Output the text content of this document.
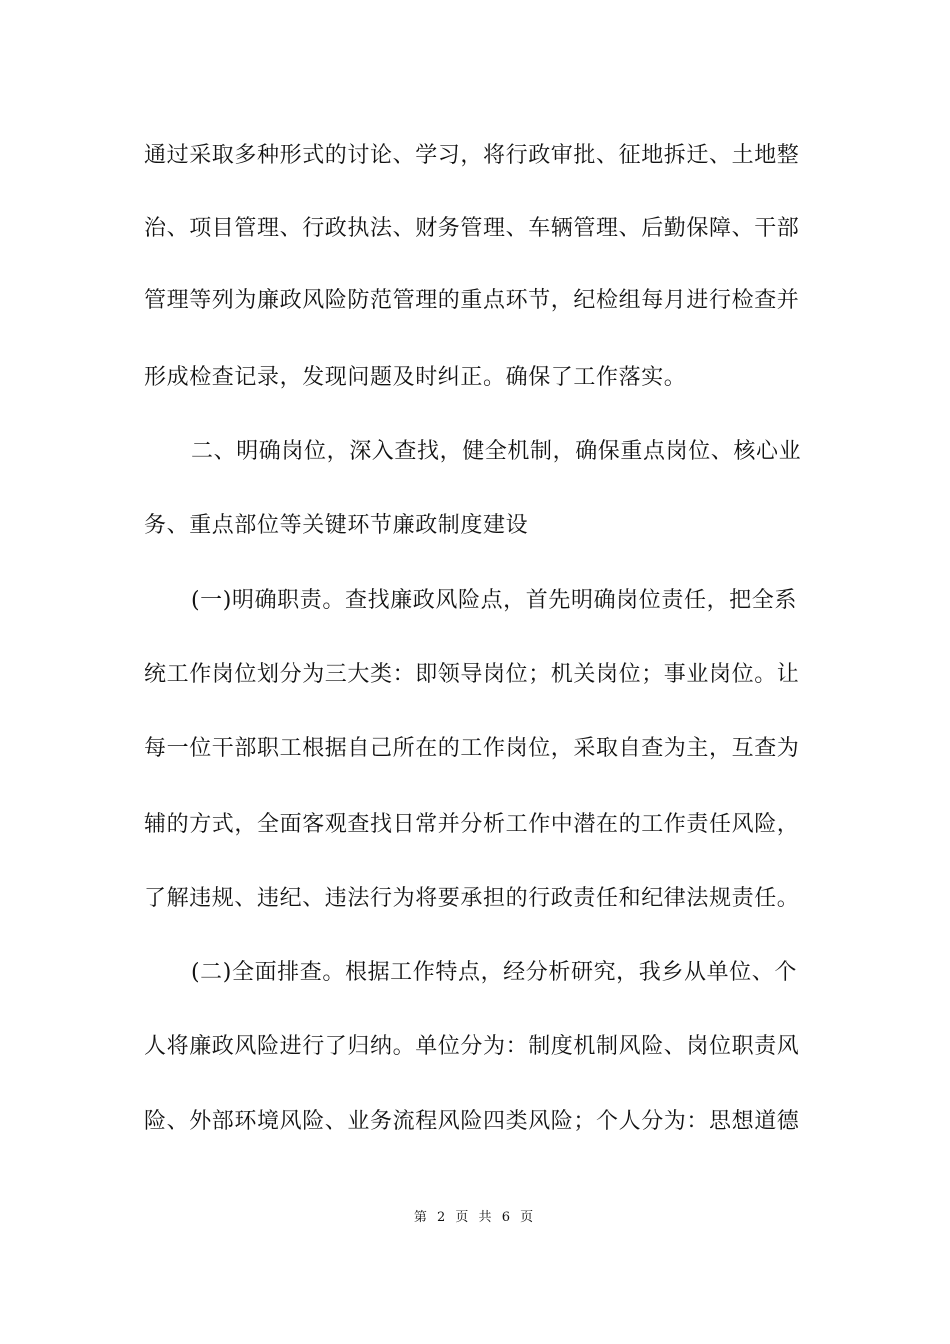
通过采取多种形式的讨论、学习，将行政审批、征地拆迁、土地整
治、项目管理、行政执法、财务管理、车辆管理、后勤保障、干部
管理等列为廉政风险防范管理的重点环节，纪检组每月进行检查并
形成检查记录，发现问题及时纠正。确保了工作落实。
二、明确岗位，深入查找，健全机制，确保重点岗位、核心业
务、重点部位等关键环节廉政制度建设
(一)明确职责。查找廉政风险点，首先明确岗位责任，把全系
统工作岗位划分为三大类：即领导岗位；机关岗位；事业岗位。让
每一位干部职工根据自己所在的工作岗位，采取自查为主，互查为
辅的方式，全面客观查找日常并分析工作中潜在的工作责任风险，
了解违规、违纪、违法行为将要承担的行政责任和纪律法规责任。
(二)全面排查。根据工作特点，经分析研究，我乡从单位、个
人将廉政风险进行了归纳。单位分为：制度机制风险、岗位职责风
险、外部环境风险、业务流程风险四类风险；个人分为：思想道德
第 2 页 共 6 页
